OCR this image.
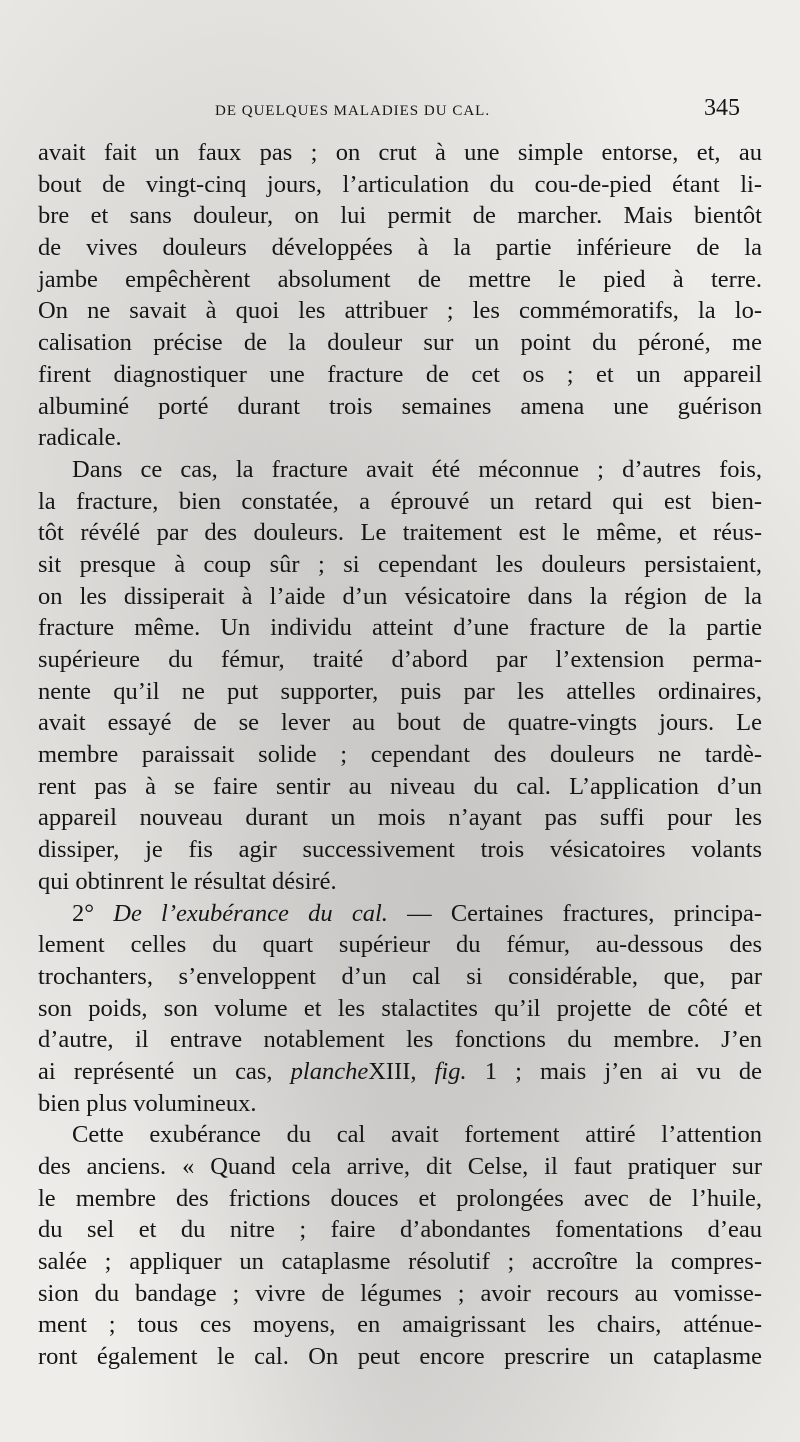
DE QUELQUES MALADIES DU CAL.	345
avait fait un faux pas ; on crut à une simple entorse, et, au
bout de vingt-cinq jours, l’articulation du cou-de-pied étant li-
bre et sans douleur, on lui permit de marcher. Mais bientôt
de vives douleurs développées à la partie inférieure de la
jambe empêchèrent absolument de mettre le pied à terre.
On ne savait à quoi les attribuer ; les commémoratifs, la lo-
calisation précise de la douleur sur un point du péroné, me
firent diagnostiquer une fracture de cet os ; et un appareil
albuminé porté durant trois semaines amena une guérison
radicale.
Dans ce cas, la fracture avait été méconnue ; d’autres fois,
la fracture, bien constatée, a éprouvé un retard qui est bien-
tôt révélé par des douleurs. Le traitement est le même, et réus-
sit presque à coup sûr ; si cependant les douleurs persistaient,
on les dissiperait à l’aide d’un vésicatoire dans la région de la
fracture même. Un individu atteint d’une fracture de la partie
supérieure du fémur, traité d’abord par l’extension perma-
nente qu’il ne put supporter, puis par les attelles ordinaires,
avait essayé de se lever au bout de quatre-vingts jours. Le
membre paraissait solide ; cependant des douleurs ne tardè-
rent pas à se faire sentir au niveau du cal. L’application d’un
appareil nouveau durant un mois n’ayant pas suffi pour les
dissiper, je fis agir successivement trois vésicatoires volants
qui obtinrent le résultat désiré.
2° De l’exubérance du cal. — Certaines fractures, principa-
lement celles du quart supérieur du fémur, au-dessous des
trochanters, s’enveloppent d’un cal si considérable, que, par
son poids, son volume et les stalactites qu’il projette de côté et
d’autre, il entrave notablement les fonctions du membre. J’en
ai représenté un cas, plancheXIII, fig. 1 ; mais j’en ai vu de
bien plus volumineux.
Cette exubérance du cal avait fortement attiré l’attention
des anciens. « Quand cela arrive, dit Celse, il faut pratiquer sur
le membre des frictions douces et prolongées avec de l’huile,
du sel et du nitre ; faire d’abondantes fomentations d’eau
salée ; appliquer un cataplasme résolutif ; accroître la compres-
sion du bandage ; vivre de légumes ; avoir recours au vomisse-
ment ; tous ces moyens, en amaigrissant les chairs, atténue-
ront également le cal. On peut encore prescrire un cataplasme
